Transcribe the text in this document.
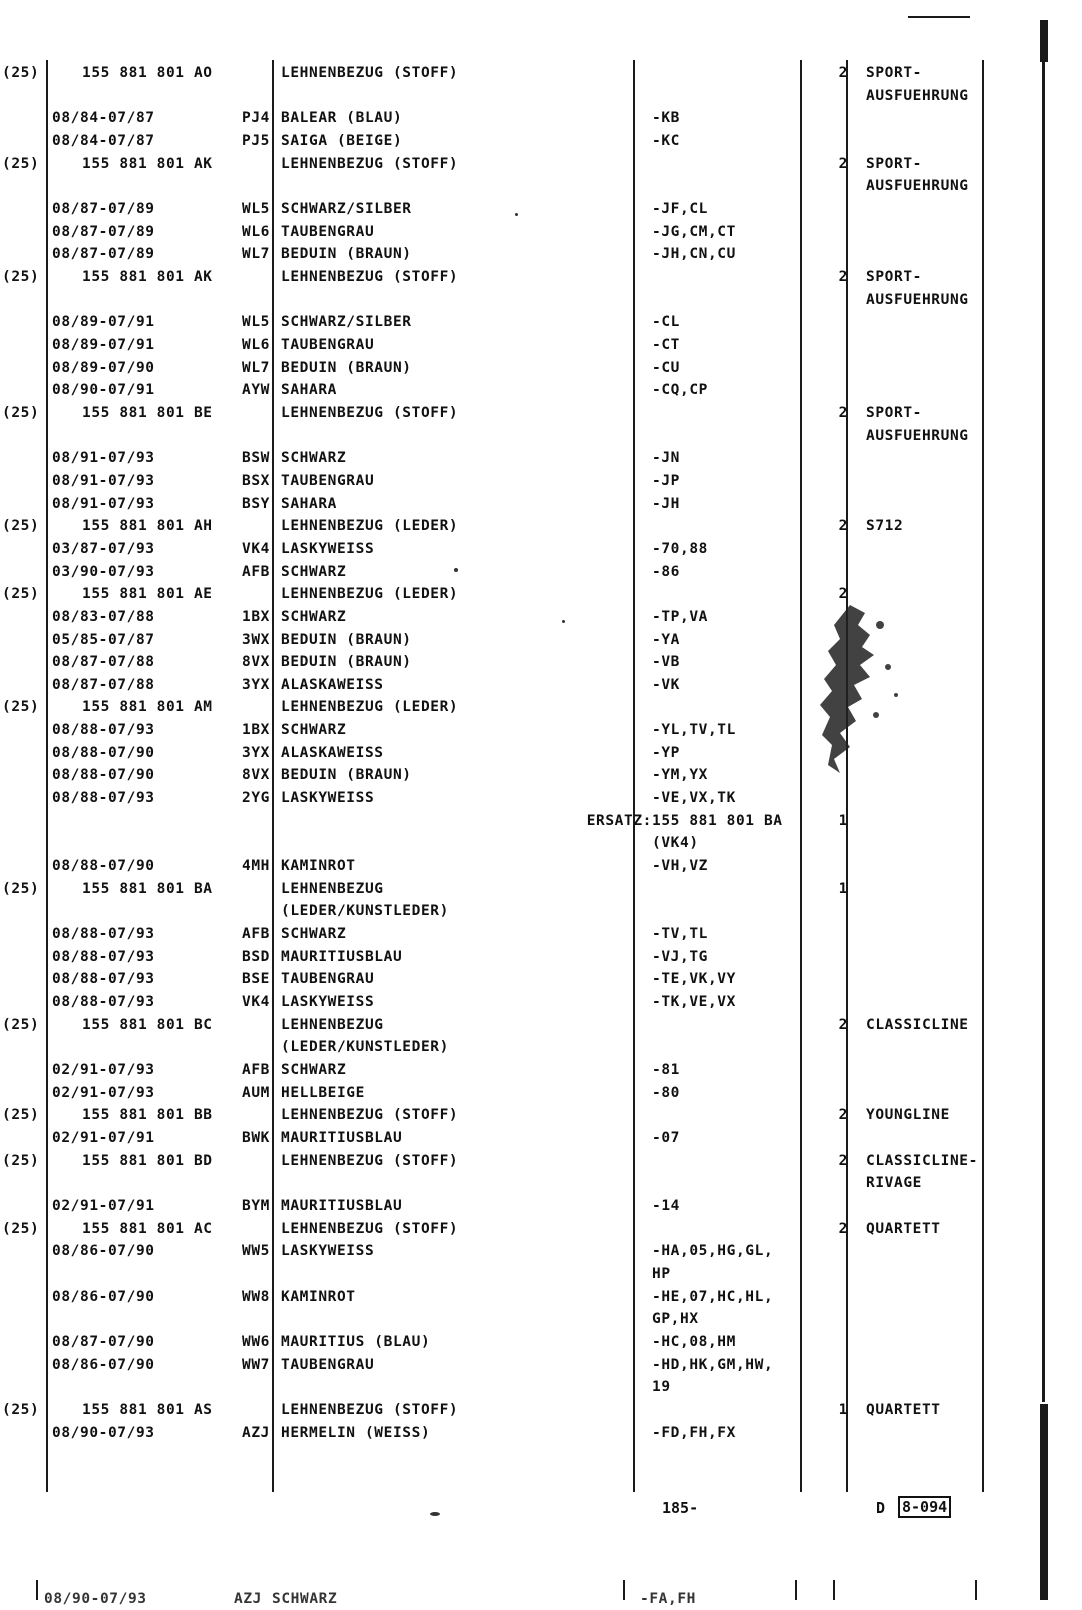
(25)	155 881 801 AO	LEHNENBEZUG (STOFF)	2 SPORT-
AUSFUEHRUNG
08/84-07/87	PJ4 BALEAR (BLAU)	-KB
08/84-07/87	PJ5 SAIGA (BEIGE)	-KC
(25)	155 881 801 AK	LEHNENBEZUG (STOFF)	2 SPORT-
AUSFUEHRUNG
08/87-07/89	WL5 SCHWARZ/SILBER	-JF,CL
08/87-07/89	WL6 TAUBENGRAU	-JG,CM,CT
08/87-07/89	WL7 BEDUIN (BRAUN)	-JH,CN,CU
(25)	155 881 801 AK	LEHNENBEZUG (STOFF)	2 SPORT-
AUSFUEHRUNG
08/89-07/91	WL5 SCHWARZ/SILBER	-CL
08/89-07/91	WL6 TAUBENGRAU	-CT
08/89-07/90	WL7 BEDUIN (BRAUN)	-CU
08/90-07/91	AYW SAHARA	-CQ,CP
(25)	155 881 801 BE	LEHNENBEZUG (STOFF)	2 SPORT-
AUSFUEHRUNG
08/91-07/93	BSW SCHWARZ	-JN
08/91-07/93	BSX TAUBENGRAU	-JP
08/91-07/93	BSY SAHARA	-JH
(25)	155 881 801 AH	LEHNENBEZUG (LEDER)	2 S712
03/87-07/93	VK4 LASKYWEISS	-70,88
03/90-07/93	AFB SCHWARZ	-86
(25)	155 881 801 AE	LEHNENBEZUG (LEDER)	2
08/83-07/88	1BX SCHWARZ	-TP,VA
05/85-07/87	3WX BEDUIN (BRAUN)	-YA
08/87-07/88	8VX BEDUIN (BRAUN)	-VB
08/87-07/88	3YX ALASKAWEISS	-VK
(25)	155 881 801 AM	LEHNENBEZUG (LEDER)
08/88-07/93	1BX SCHWARZ	-YL,TV,TL
08/88-07/90	3YX ALASKAWEISS	-YP
08/88-07/90	8VX BEDUIN (BRAUN)	-YM,YX
08/88-07/93	2YG LASKYWEISS	-VE,VX,TK
ERSATZ: 155 881 801 BA	1
(VK4)
08/88-07/90	4MH KAMINROT	-VH,VZ
(25)	155 881 801 BA	LEHNENBEZUG	1
(LEDER/KUNSTLEDER)
08/88-07/93	AFB SCHWARZ	-TV,TL
08/88-07/93	BSD MAURITIUSBLAU	-VJ,TG
08/88-07/93	BSE TAUBENGRAU	-TE,VK,VY
08/88-07/93	VK4 LASKYWEISS	-TK,VE,VX
(25)	155 881 801 BC	LEHNENBEZUG	2 CLASSICLINE
(LEDER/KUNSTLEDER)
02/91-07/93	AFB SCHWARZ	-81
02/91-07/93	AUM HELLBEIGE	-80
(25)	155 881 801 BB	LEHNENBEZUG (STOFF)	2 YOUNGLINE
02/91-07/91	BWK MAURITIUSBLAU	-07
(25)	155 881 801 BD	LEHNENBEZUG (STOFF)	2 CLASSICLINE-
RIVAGE
02/91-07/91	BYM MAURITIUSBLAU	-14
(25)	155 881 801 AC	LEHNENBEZUG (STOFF)	2 QUARTETT
08/86-07/90	WW5 LASKYWEISS	-HA,05,HG,GL,
HP
08/86-07/90	WW8 KAMINROT	-HE,07,HC,HL,
GP,HX
08/87-07/90	WW6 MAURITIUS (BLAU)	-HC,08,HM
08/86-07/90	WW7 TAUBENGRAU	-HD,HK,GM,HW,
19
(25)	155 881 801 AS	LEHNENBEZUG (STOFF)	1 QUARTETT
08/90-07/93	AZJ HERMELIN (WEISS)	-FD,FH,FX
185-	D 8-094
08/90-07/93	AZJ SCHWARZ	-FA,FH
